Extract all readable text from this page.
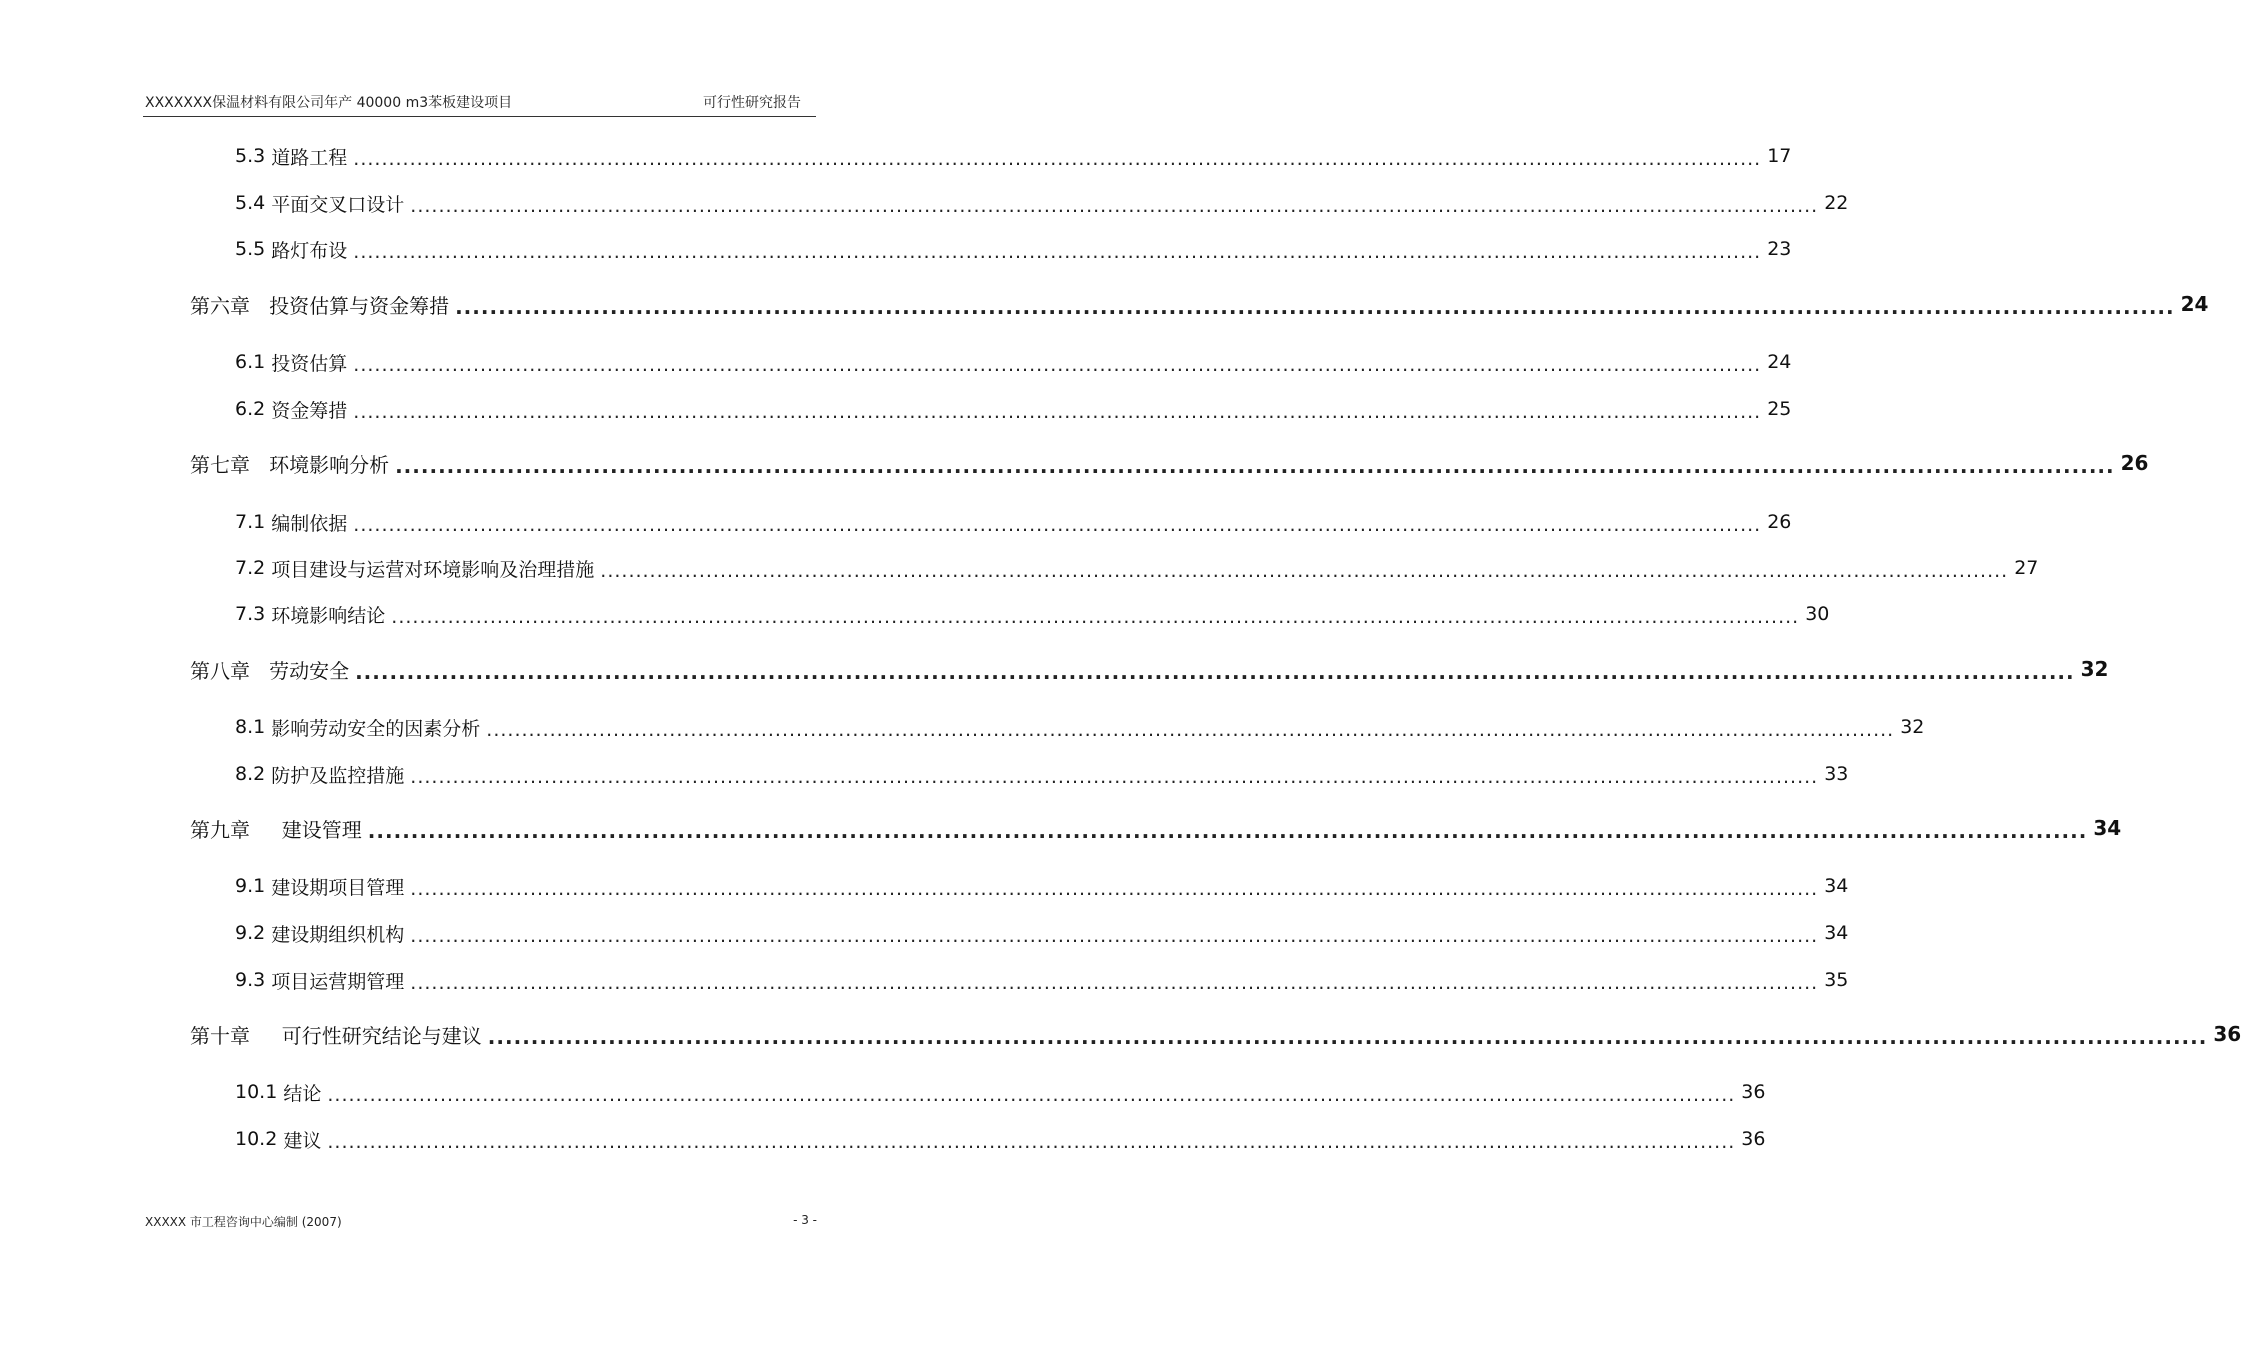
XXXXXXX保温材料有限公司年产 40000 m3苯板建设项目	可行性研究报告
5.3 道路工程 ........................................................................................................................................................................................................ 17
5.4 平面交叉口设计 ........................................................................................................................................................................................................ 22
5.5 路灯布设 ........................................................................................................................................................................................................ 23
第六章 投资估算与资金筹措 ........................................................................................................................................................................................................ 24
6.1 投资估算 ........................................................................................................................................................................................................ 24
6.2 资金筹措 ........................................................................................................................................................................................................ 25
第七章 环境影响分析 ........................................................................................................................................................................................................ 26
7.1 编制依据 ........................................................................................................................................................................................................ 26
7.2 项目建设与运营对环境影响及治理措施 ........................................................................................................................................................................................................ 27
7.3 环境影响结论 ........................................................................................................................................................................................................ 30
第八章 劳动安全 ........................................................................................................................................................................................................ 32
8.1 影响劳动安全的因素分析 ........................................................................................................................................................................................................ 32
8.2 防护及监控措施 ........................................................................................................................................................................................................ 33
第九章 建设管理 ........................................................................................................................................................................................................ 34
9.1 建设期项目管理 ........................................................................................................................................................................................................ 34
9.2 建设期组织机构 ........................................................................................................................................................................................................ 34
9.3 项目运营期管理 ........................................................................................................................................................................................................ 35
第十章 可行性研究结论与建议 ........................................................................................................................................................................................................ 36
10.1 结论 ........................................................................................................................................................................................................ 36
10.2 建议 ........................................................................................................................................................................................................ 36
XXXXX 市工程咨询中心编制 (2007)	- 3 -
